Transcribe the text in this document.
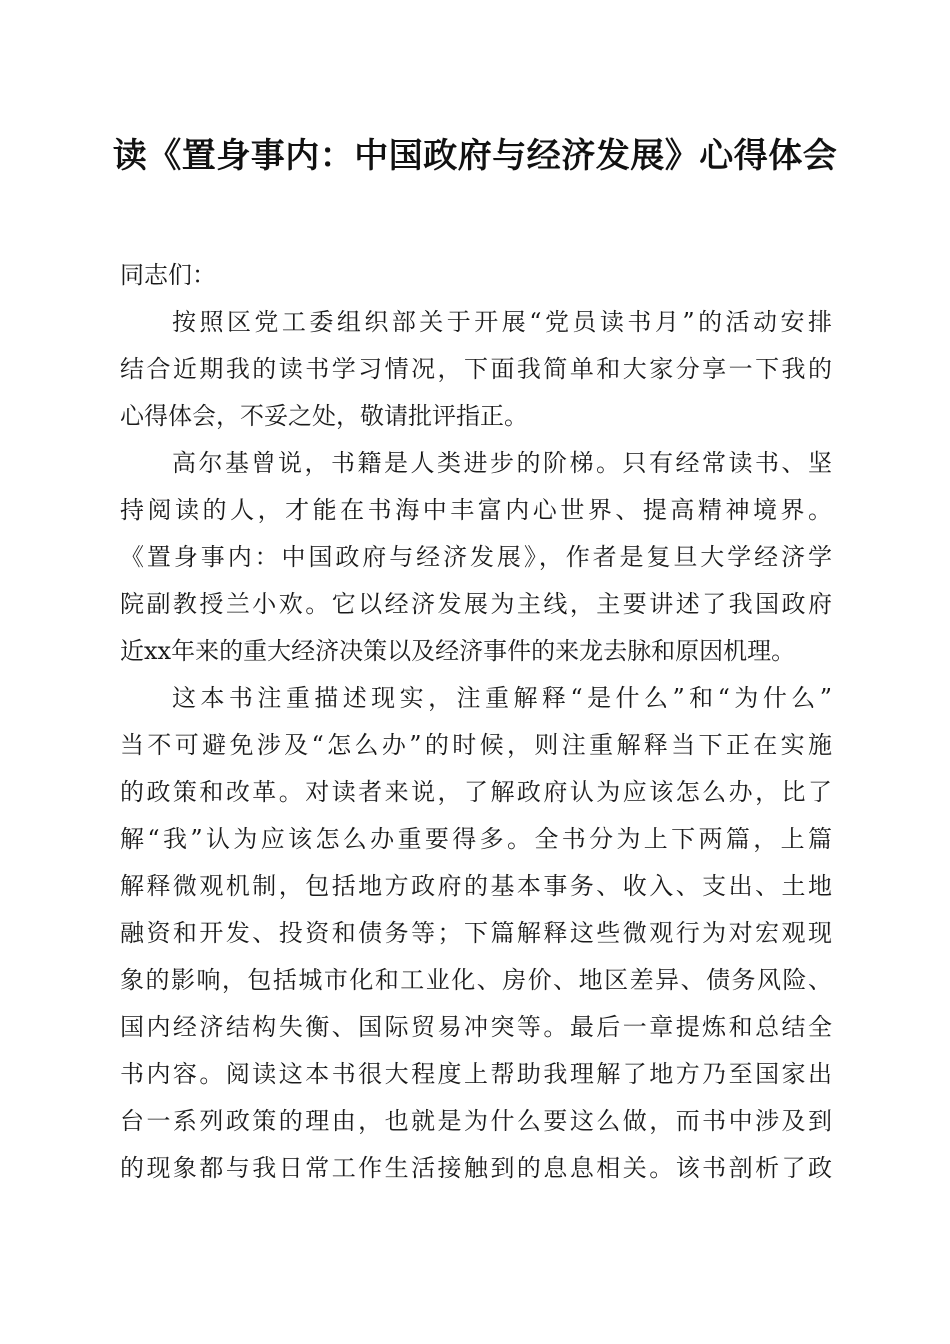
读《置身事内：中国政府与经济发展》心得体会
同志们：
按照区党工委组织部关于开展“党员读书月”的活动安排
结合近期我的读书学习情况，下面我简单和大家分享一下我的
心得体会，不妥之处，敬请批评指正。
高尔基曾说，书籍是人类进步的阶梯。只有经常读书、坚
持阅读的人，才能在书海中丰富内心世界、提高精神境界。
《置身事内：中国政府与经济发展》，作者是复旦大学经济学
院副教授兰小欢。它以经济发展为主线，主要讲述了我国政府
近xx年来的重大经济决策以及经济事件的来龙去脉和原因机理。
这本书注重描述现实，注重解释“是什么”和“为什么”
当不可避免涉及“怎么办”的时候，则注重解释当下正在实施
的政策和改革。对读者来说，了解政府认为应该怎么办，比了
解“我”认为应该怎么办重要得多。全书分为上下两篇，上篇
解释微观机制，包括地方政府的基本事务、收入、支出、土地
融资和开发、投资和债务等；下篇解释这些微观行为对宏观现
象的影响，包括城市化和工业化、房价、地区差异、债务风险、
国内经济结构失衡、国际贸易冲突等。最后一章提炼和总结全
书内容。阅读这本书很大程度上帮助我理解了地方乃至国家出
台一系列政策的理由，也就是为什么要这么做，而书中涉及到
的现象都与我日常工作生活接触到的息息相关。该书剖析了政
